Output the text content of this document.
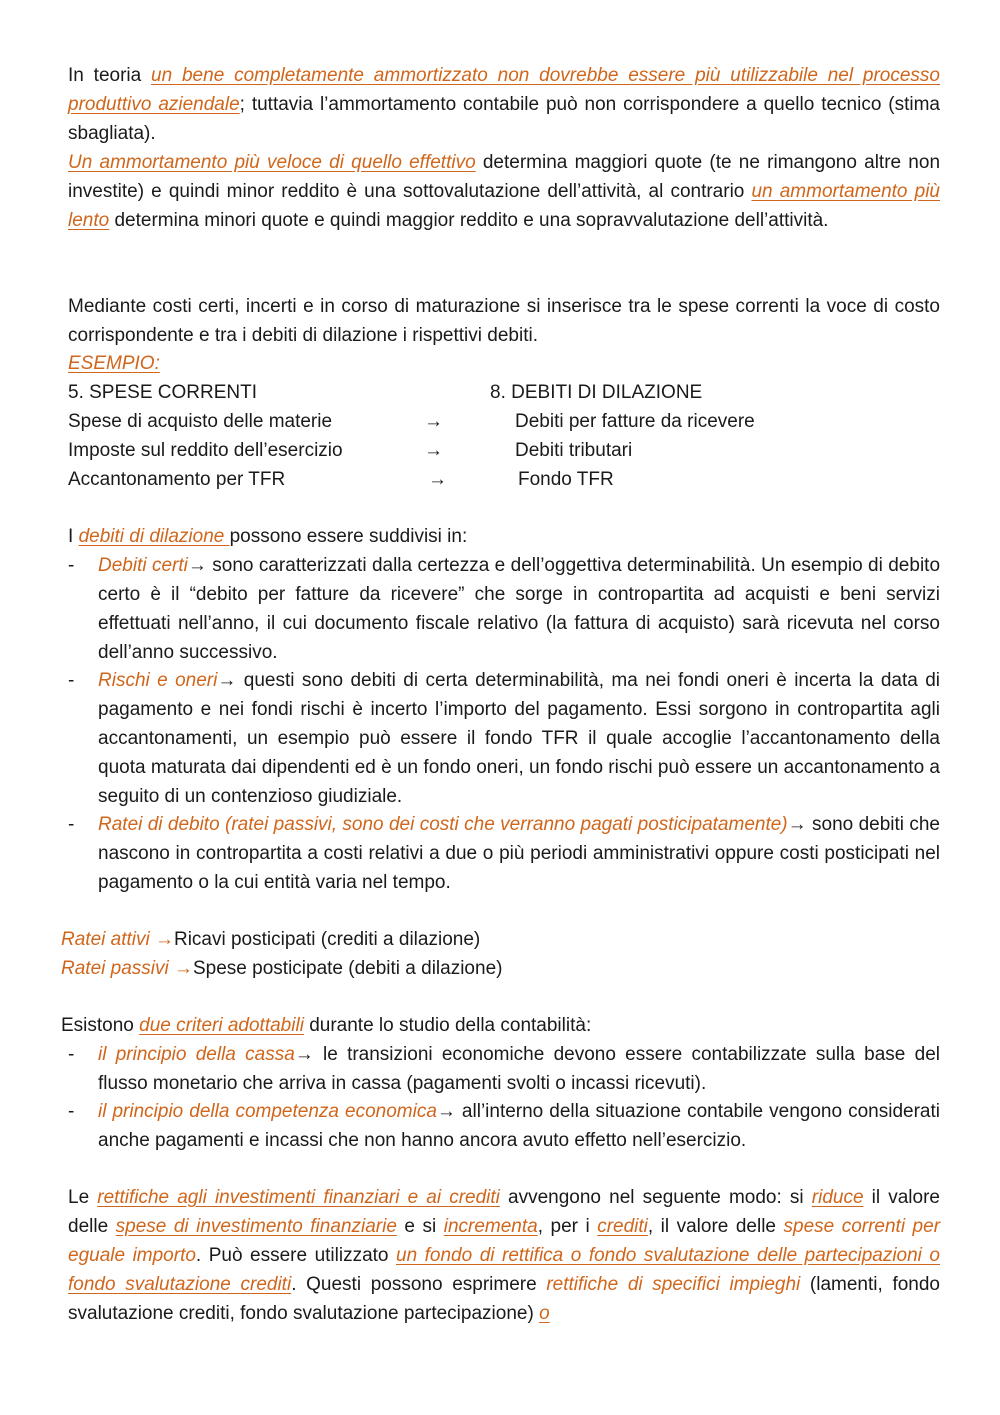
In teoria un bene completamente ammortizzato non dovrebbe essere più utilizzabile nel processo produttivo aziendale; tuttavia l’ammortamento contabile può non corrispondere a quello tecnico (stima sbagliata).
Un ammortamento più veloce di quello effettivo determina maggiori quote (te ne rimangono altre non investite) e quindi minor reddito è una sottovalutazione dell’attività, al contrario un ammortamento più lento determina minori quote e quindi maggior reddito e una sopravvalutazione dell’attività.
Mediante costi certi, incerti e in corso di maturazione si inserisce tra le spese correnti la voce di costo corrispondente e tra i debiti di dilazione i rispettivi debiti.
ESEMPIO:
5. SPESE CORRENTI	8. DEBITI DI DILAZIONE
Spese di acquisto delle materie	→	Debiti per fatture da ricevere
Imposte sul reddito dell’esercizio	→	Debiti tributari
Accantonamento per TFR	→	Fondo TFR
I debiti di dilazione possono essere suddivisi in:
- Debiti certi→ sono caratterizzati dalla certezza e dell’oggettiva determinabilità. Un esempio di debito certo è il “debito per fatture da ricevere” che sorge in contropartita ad acquisti e beni servizi effettuati nell’anno, il cui documento fiscale relativo (la fattura di acquisto) sarà ricevuta nel corso dell’anno successivo.
- Rischi e oneri→ questi sono debiti di certa determinabilità, ma nei fondi oneri è incerta la data di pagamento e nei fondi rischi è incerto l’importo del pagamento. Essi sorgono in contropartita agli accantonamenti, un esempio può essere il fondo TFR il quale accoglie l’accantonamento della quota maturata dai dipendenti ed è un fondo oneri, un fondo rischi può essere un accantonamento a seguito di un contenzioso giudiziale.
- Ratei di debito (ratei passivi, sono dei costi che verranno pagati posticipatamente)→ sono debiti che nascono in contropartita a costi relativi a due o più periodi amministrativi oppure costi posticipati nel pagamento o la cui entità varia nel tempo.
Ratei attivi →Ricavi posticipati (crediti a dilazione)
Ratei passivi →Spese posticipate (debiti a dilazione)
Esistono due criteri adottabili durante lo studio della contabilità:
- il principio della cassa→ le transizioni economiche devono essere contabilizzate sulla base del flusso monetario che arriva in cassa (pagamenti svolti o incassi ricevuti).
- il principio della competenza economica→ all’interno della situazione contabile vengono considerati anche pagamenti e incassi che non hanno ancora avuto effetto nell’esercizio.
Le rettifiche agli investimenti finanziari e ai crediti avvengono nel seguente modo: si riduce il valore delle spese di investimento finanziarie e si incrementa, per i crediti, il valore delle spese correnti per eguale importo. Può essere utilizzato un fondo di rettifica o fondo svalutazione delle partecipazioni o fondo svalutazione crediti. Questi possono esprimere rettifiche di specifici impieghi (lamenti, fondo svalutazione crediti, fondo svalutazione partecipazione) o
